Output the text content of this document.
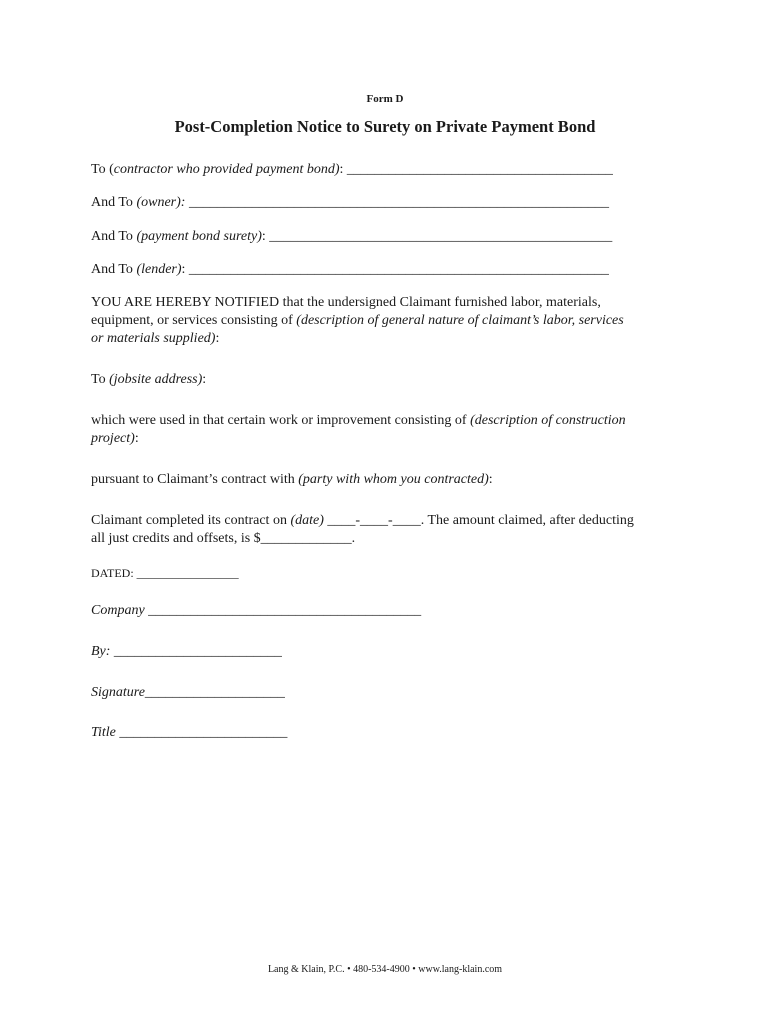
Form D
Post-Completion Notice to Surety on Private Payment Bond
To (contractor who provided payment bond): ______________________________________
And To (owner): ____________________________________________________________
And To (payment bond surety): _________________________________________________
And To (lender): ____________________________________________________________
YOU ARE HEREBY NOTIFIED that the undersigned Claimant furnished labor, materials,
equipment, or services consisting of (description of general nature of claimant’s labor, services
or materials supplied):
To (jobsite address):
which were used in that certain work or improvement consisting of (description of construction
project):
pursuant to Claimant’s contract with (party with whom you contracted):
Claimant completed its contract on (date) ____-____-____. The amount claimed, after deducting
all just credits and offsets, is $_____________.
DATED: _________________
Company _______________________________________
By: ________________________
Signature____________________
Title ________________________
Lang & Klain, P.C. • 480-534-4900 • www.lang-klain.com
